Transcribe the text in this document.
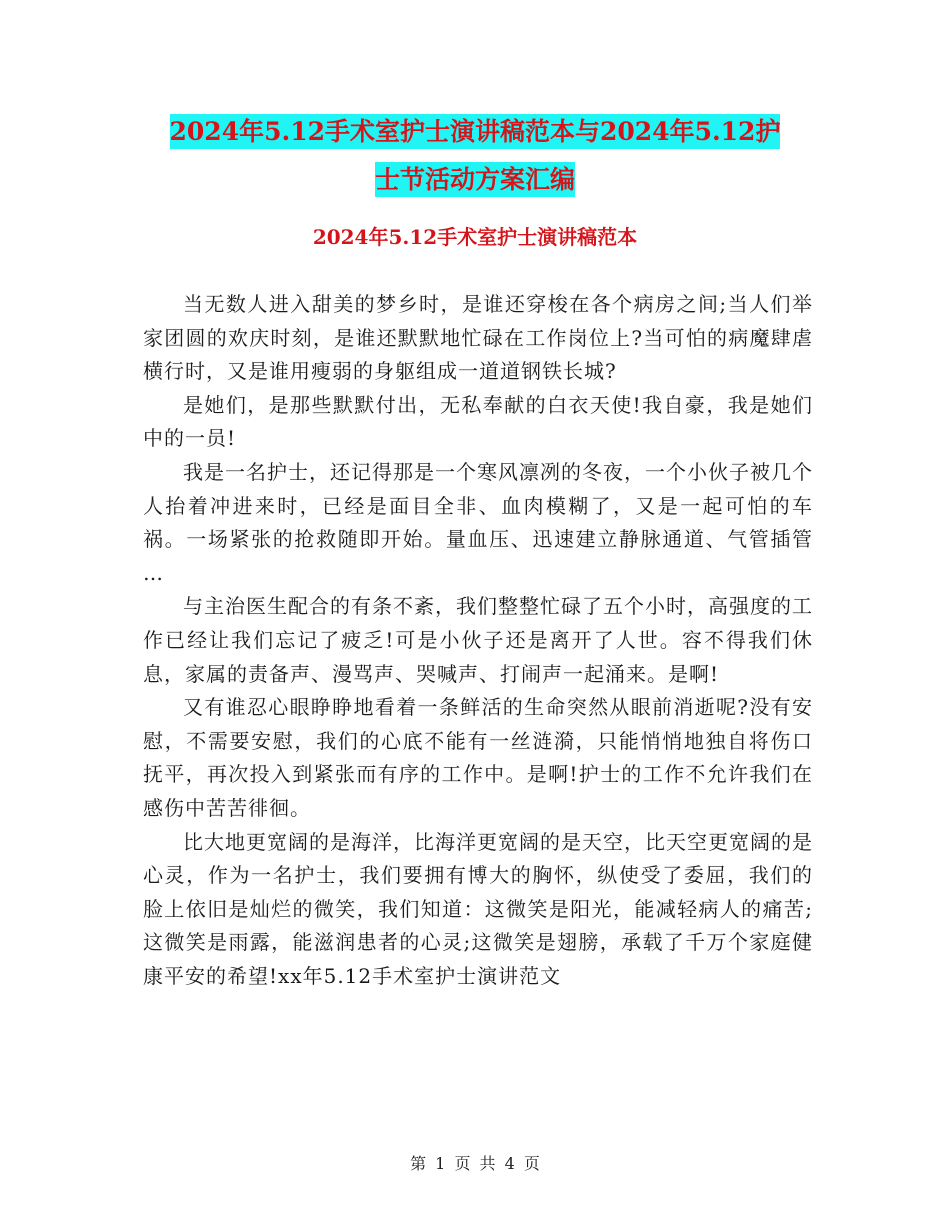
2024年5.12手术室护士演讲稿范本与2024年5.12护
士节活动方案汇编
2024年5.12手术室护士演讲稿范本

当无数人进入甜美的梦乡时，是谁还穿梭在各个病房之间;当人们举家团圆的欢庆时刻，是谁还默默地忙碌在工作岗位上?当可怕的病魔肆虐横行时，又是谁用瘦弱的身躯组成一道道钢铁长城?

是她们，是那些默默付出，无私奉献的白衣天使!我自豪，我是她们中的一员!

我是一名护士，还记得那是一个寒风凛冽的冬夜，一个小伙子被几个人抬着冲进来时，已经是面目全非、血肉模糊了，又是一起可怕的车祸。一场紧张的抢救随即开始。量血压、迅速建立静脉通道、气管插管 …

与主治医生配合的有条不紊，我们整整忙碌了五个小时，高强度的工作已经让我们忘记了疲乏!可是小伙子还是离开了人世。容不得我们休息，家属的责备声、漫骂声、哭喊声、打闹声一起涌来。是啊!

又有谁忍心眼睁睁地看着一条鲜活的生命突然从眼前消逝呢?没有安慰，不需要安慰，我们的心底不能有一丝涟漪，只能悄悄地独自将伤口抚平，再次投入到紧张而有序的工作中。是啊!护士的工作不允许我们在感伤中苦苦徘徊。

比大地更宽阔的是海洋，比海洋更宽阔的是天空，比天空更宽阔的是心灵，作为一名护士，我们要拥有博大的胸怀，纵使受了委屈，我们的脸上依旧是灿烂的微笑，我们知道：这微笑是阳光，能减轻病人的痛苦;这微笑是雨露，能滋润患者的心灵;这微笑是翅膀，承载了千万个家庭健康平安的希望!xx年5.12手术室护士演讲范文

第 1 页 共 4 页
